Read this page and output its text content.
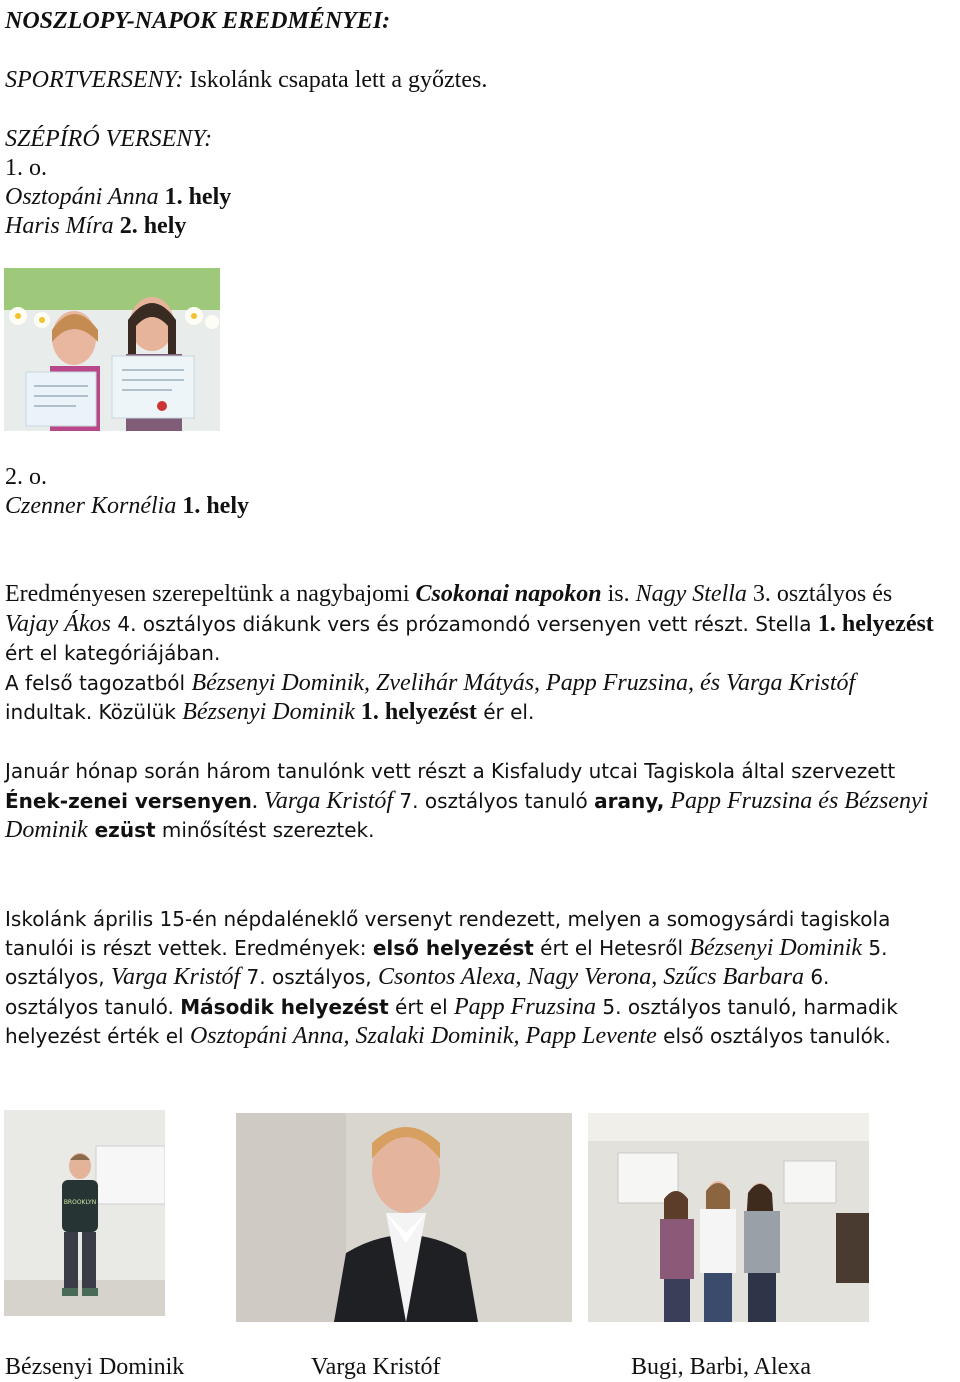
NOSZLOPY-NAPOK EREDMÉNYEI:
SPORTVERSENY: Iskolánk csapata lett a győztes.
SZÉPÍRÓ VERSENY:
1. o.
Osztopáni Anna 1. hely
Haris Míra 2. hely
2. o.
Czenner Kornélia 1. hely
Eredményesen szerepeltünk a nagybajomi Csokonai napokon is. Nagy Stella 3. osztályos és
Vajay Ákos 4. osztályos diákunk vers és prózamondó versenyen vett részt. Stella 1. helyezést
ért el kategóriájában.
A felső tagozatból Bézsenyi Dominik, Zvelihár Mátyás, Papp Fruzsina, és Varga Kristóf
indultak. Közülük Bézsenyi Dominik 1. helyezést ér el.
Január hónap során három tanulónk vett részt a Kisfaludy utcai Tagiskola által szervezett
Ének-zenei versenyen. Varga Kristóf 7. osztályos tanuló arany, Papp Fruzsina és Bézsenyi
Dominik ezüst minősítést szereztek.
Iskolánk április 15-én népdaléneklő versenyt rendezett, melyen a somogysárdi tagiskola
tanulói is részt vettek. Eredmények: első helyezést ért el Hetesről Bézsenyi Dominik 5.
osztályos, Varga Kristóf 7. osztályos, Csontos Alexa, Nagy Verona, Szűcs Barbara 6.
osztályos tanuló. Második helyezést ért el Papp Fruzsina 5. osztályos tanuló, harmadik
helyezést érték el Osztopáni Anna, Szalaki Dominik, Papp Levente első osztályos tanulók.
BROOKLYN
Bézsenyi Dominik	Varga Kristóf	Bugi, Barbi, Alexa
